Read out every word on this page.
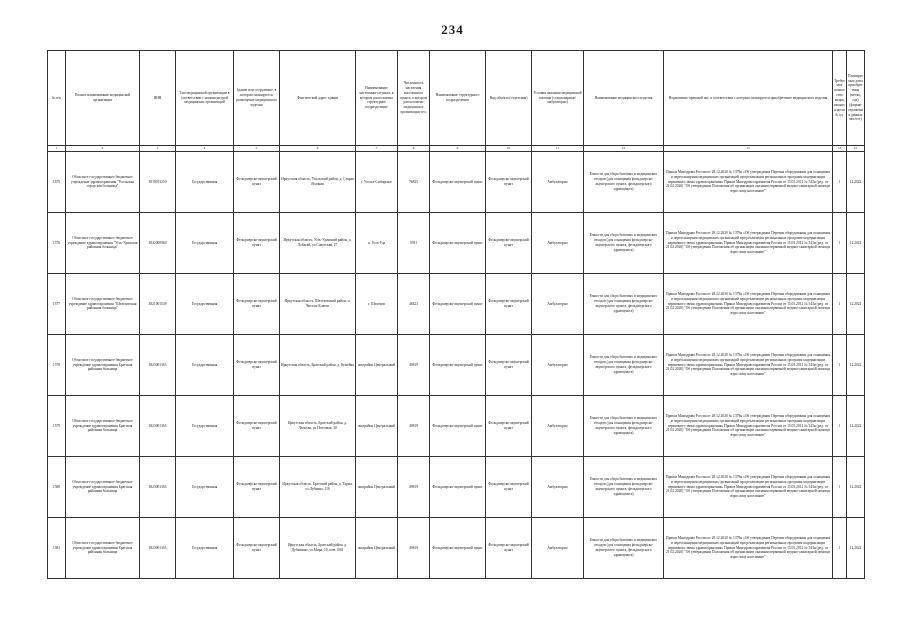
234
№ п/п	Полное наименование медицинской организации	ИНН	Тип медицинской организации в соответствии с номенклатурой медицинских организаций	Здание или сооружение, в котором планируется размещение медицинского изделия	Фактический адрес здания	Наименование населенного пункта, в котором расположено структурное подразделение	Численность населения населенного пункта, в котором расположено медицинское организации чел.	Наименование структурного подразделения	Вид объекта (отделения)	Условия оказания медицинской помощи (стационарные/амбулаторно)	Наименование медицинского изделия	Нормативно-правовой акт, в соответствии с которым планируется приобретение медицинского изделия	Требуемое количество медицинских изделий, ед.	Планируемые даты приобретения (месяц, год) (формат отражения данных мм.гггг)
1	2	3	4	5	6	7	8	9	10	11	12	13	14	15
1575	Областное государственное бюджетное учреждение здравоохранения "Усольская городская больница"	3819013250	Государственная	Фельдшерско-акушерский пункт	Иркутская область, Усольский район, д. Старая Ясачная	г. Усолье-Сибирское	76825	Фельдшерско-акушерский пункт	Фельдшерско-акушерский пункт	Амбулаторно	Емкости для сбора бытовых и медицинских отходов (для оснащения фельдшерско-акушерского пункта, фельдшерского здравпункта)	Приказ Минздрава России от 28.12.2020 № 1379н «Об утверждении Перечня оборудования для оснащения и переоснащения медицинских организаций при реализации региональных программ модернизации первичного звена здравоохранения» Приказ Минздравсоцразвития России от 15.05.2012 № 543н (ред. от 21.02.2020) "Об утверждении Положения об организации оказания первичной медико-санитарной помощи взрослому населению"	1	12.2022
1576	Областное государственное бюджетное учреждение здравоохранения "Усть-Удинская районная больница"	3842000960	Государственная	Фельдшерско-акушерский пункт	Иркутская область, Усть-Удинский район, д. Лобагай, ул.Советская, 27	п. Усть-Уда	5931	Фельдшерско-акушерский пункт	Фельдшерско-акушерский пункт	Амбулаторно	Емкости для сбора бытовых и медицинских отходов (для оснащения фельдшерско-акушерского пункта, фельдшерского здравпункта)	Приказ Минздрава России от 28.12.2020 № 1379н «Об утверждении Перечня оборудования для оснащения и переоснащения медицинских организаций при реализации региональных программ модернизации первичного звена здравоохранения» Приказ Минздравсоцразвития России от 15.05.2012 № 543н (ред. от 21.02.2020) "Об утверждении Положения об организации оказания первичной медико-санитарной помощи взрослому населению"	1	12.2022
1577	Областное государственное бюджетное учреждение здравоохранения "Шелеховская районная больница"	3821001539	Государственная	Фельдшерско-акушерский пункт	Иркутская область, Шелеховский район, п. Чистые Ключи	г. Шелехов	48423	Фельдшерско-акушерский пункт	Фельдшерско-акушерский пункт	Амбулаторно	Емкости для сбора бытовых и медицинских отходов (для оснащения фельдшерско-акушерского пункта, фельдшерского здравпункта)	Приказ Минздрава России от 28.12.2020 № 1379н «Об утверждении Перечня оборудования для оснащения и переоснащения медицинских организаций при реализации региональных программ модернизации первичного звена здравоохранения» Приказ Минздравсоцразвития России от 15.05.2012 № 543н (ред. от 21.02.2020) "Об утверждении Положения об организации оказания первичной медико-санитарной помощи взрослому населению"	1	12.2022
1578	Областное государственное бюджетное учреждение здравоохранения Братская районная больница	3823001365	Государственная	Фельдшерско-акушерский пункт	Иркутская область, Братский район, д. Кумейка	жилрайон Центральный	49819	Фельдшерско-акушерский пункт	Фельдшерско-акушерский пункт	Амбулаторно	Емкости для сбора бытовых и медицинских отходов (для оснащения фельдшерско-акушерского пункта, фельдшерского здравпункта)	Приказ Минздрава России от 28.12.2020 № 1379н «Об утверждении Перечня оборудования для оснащения и переоснащения медицинских организаций при реализации региональных программ модернизации первичного звена здравоохранения» Приказ Минздравсоцразвития России от 15.05.2012 № 543н (ред. от 21.02.2020) "Об утверждении Положения об организации оказания первичной медико-санитарной помощи взрослому населению"	1	12.2022
1579	Областное государственное бюджетное учреждение здравоохранения Братская районная больница	3823001365	Государственная	Фельдшерско-акушерский пункт	Иркутская область, Братский район, д. Леонова, ул.Почтовая, 30	жилрайон Центральный	49819	Фельдшерско-акушерский пункт	Фельдшерско-акушерский пункт	Амбулаторно	Емкости для сбора бытовых и медицинских отходов (для оснащения фельдшерско-акушерского пункта, фельдшерского здравпункта)	Приказ Минздрава России от 28.12.2020 № 1379н «Об утверждении Перечня оборудования для оснащения и переоснащения медицинских организаций при реализации региональных программ модернизации первичного звена здравоохранения» Приказ Минздравсоцразвития России от 15.05.2012 № 543н (ред. от 21.02.2020) "Об утверждении Положения об организации оказания первичной медико-санитарной помощи взрослому населению"	1	12.2022
1580	Областное государственное бюджетное учреждение здравоохранения Братская районная больница	3823001365	Государственная	Фельдшерско-акушерский пункт	Иркутская область, Братский район, д. Тарма, ул.Лубкина, 116	жилрайон Центральный	49819	Фельдшерско-акушерский пункт	Фельдшерско-акушерский пункт	Амбулаторно	Емкости для сбора бытовых и медицинских отходов (для оснащения фельдшерско-акушерского пункта, фельдшерского здравпункта)	Приказ Минздрава России от 28.12.2020 № 1379н «Об утверждении Перечня оборудования для оснащения и переоснащения медицинских организаций при реализации региональных программ модернизации первичного звена здравоохранения» Приказ Минздравсоцразвития России от 15.05.2012 № 543н (ред. от 21.02.2020) "Об утверждении Положения об организации оказания первичной медико-санитарной помощи взрослому населению"	1	12.2022
1581	Областное государственное бюджетное учреждение здравоохранения Братская районная больница	3823001365	Государственная	Фельдшерско-акушерский пункт	Иркутская область, Братский район, д. Дубынино, ул.Мира, 10, пом.1001	жилрайон Центральный	49819	Фельдшерско-акушерский пункт	Фельдшерско-акушерский пункт	Амбулаторно	Емкости для сбора бытовых и медицинских отходов (для оснащения фельдшерско-акушерского пункта, фельдшерского здравпункта)	Приказ Минздрава России от 28.12.2020 № 1379н «Об утверждении Перечня оборудования для оснащения и переоснащения медицинских организаций при реализации региональных программ модернизации первичного звена здравоохранения» Приказ Минздравсоцразвития России от 15.05.2012 № 543н (ред. от 21.02.2020) "Об утверждении Положения об организации оказания первичной медико-санитарной помощи взрослому населению"	1	12.2022
